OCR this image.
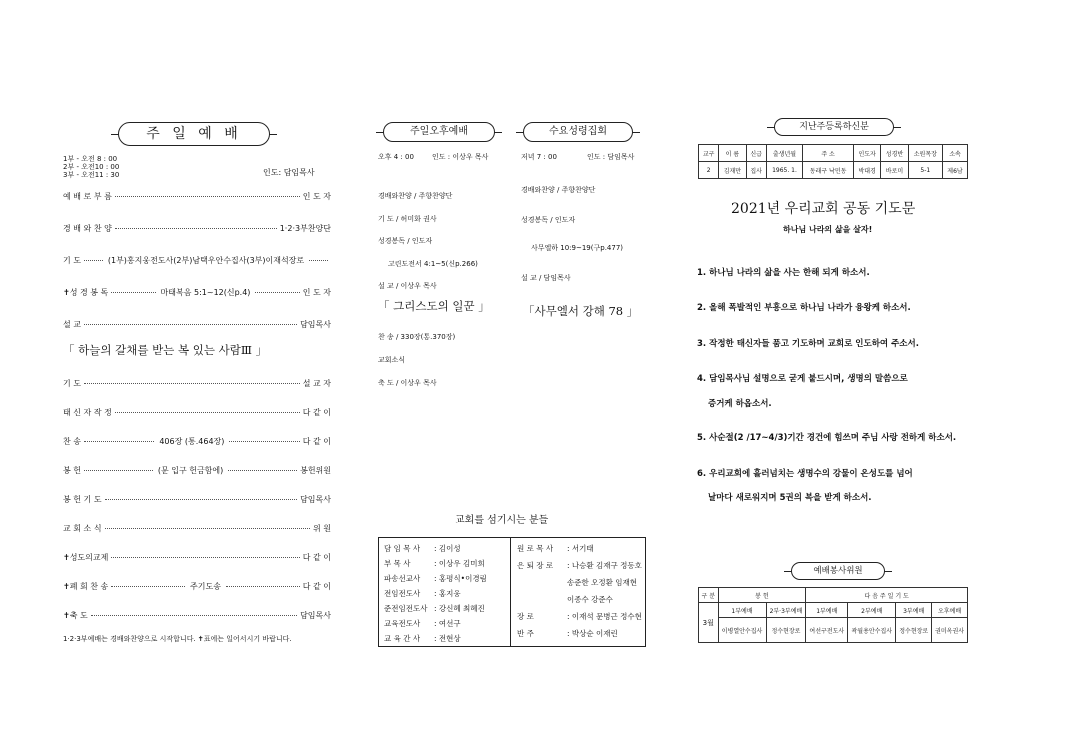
주 일 예 배
1부 - 오전 8 : 00
2부 - 오전10 : 00
3부 - 오전11 : 30	인도: 담임목사
예 배 로 부 름	인 도 자
경 배 와 찬 양	1·2·3부찬양단
기 도	(1부)홍지웅전도사(2부)남택우안수집사(3부)이재석장로
✝성 경 봉 독	마태복음 5:1~12(신p.4)	인 도 자
설 교	담임목사
「 하늘의 갈채를 받는 복 있는 사람Ⅲ 」
기 도	설 교 자
태 신 자 작 정	다 같 이
찬 송	406장 (통.464장)	다 같 이
봉 헌	(문 입구 헌금함에)	봉헌위원
봉 헌 기 도	담임목사
교 회 소 식	위 원
✝성도의교제	다 같 이
✝폐 회 찬 송	주기도송	다 같 이
✝축 도	담임목사
1·2·3부예배는 경배와찬양으로 시작합니다. ✝표에는 일어서시기 바랍니다.
주일오후예배
오후 4 : 00	인도 : 이상우 목사
경배와찬양 / 주향찬양단
기 도 / 허미화 권사
성경봉독 / 인도자
고린도전서 4:1~5(신p.266)
설 교 / 이상우 목사
「 그리스도의 일꾼 」
찬 송 / 330장(통.370장)
교회소식
축 도 / 이상우 목사
수요성령집회
저녁 7 : 00	인도 : 담임목사
경배와찬양 / 주향찬양단
성경봉독 / 인도자
사무엘하 10:9~19(구p.477)
설 교 / 담임목사
「사무엘서 강해 78 」
교회를 섬기시는 분들
담 임 목 사	: 김이성
부 목 사	: 이상우 김미희
파송선교사	: 홍평식•이경림
전임전도사	: 홍지웅
준전임전도사 : 강신혜 최혜진
교육전도사	: 여선구
교 육 간 사	: 전현상
원 로 목 사	: 서기태
은 퇴 장 로	: 나승환 김재구 정동호
송준한 오정환 임재현
이종수 강준수
장 로	: 이재석 문병근 정수현
반 주	: 박상순 이재린
지난주등록하신분
교구	이 름	신급	출생년월	주 소	인도자	성경반	소원목장	소속
2	김재만	집사	1965. 1.	동래구 낙민동	박대경	바로미	5-1	제6남
2021년 우리교회 공동 기도문
하나님 나라의 삶을 살자!
1. 하나님 나라의 삶을 사는 한해 되게 하소서.
2. 올해 폭발적인 부흥으로 하나님 나라가 융왕케 하소서.
3. 작정한 태신자들 품고 기도하며 교회로 인도하여 주소서.
4. 담임목사님 설명으로 굳게 붙드시며, 생명의 말씀으로
증거케 하옵소서.
5. 사순절(2 /17~4/3)기간 경건에 힘쓰며 주님 사랑 전하게 하소서.
6. 우리교회에 흘러넘치는 생명수의 강물이 온성도를 넘어
날마다 새로워지며 5권의 복을 받게 하소서.
예배봉사위원
구 분	봉 헌		다 음 주 일 기 도			
3월	1부예배	2부·3부예배	1부예배	2부예배	3부예배	오후예배
	이병열안수집사	정수현장로	여선구전도사	곽월용안수집사	정수현장로	권미옥권사
